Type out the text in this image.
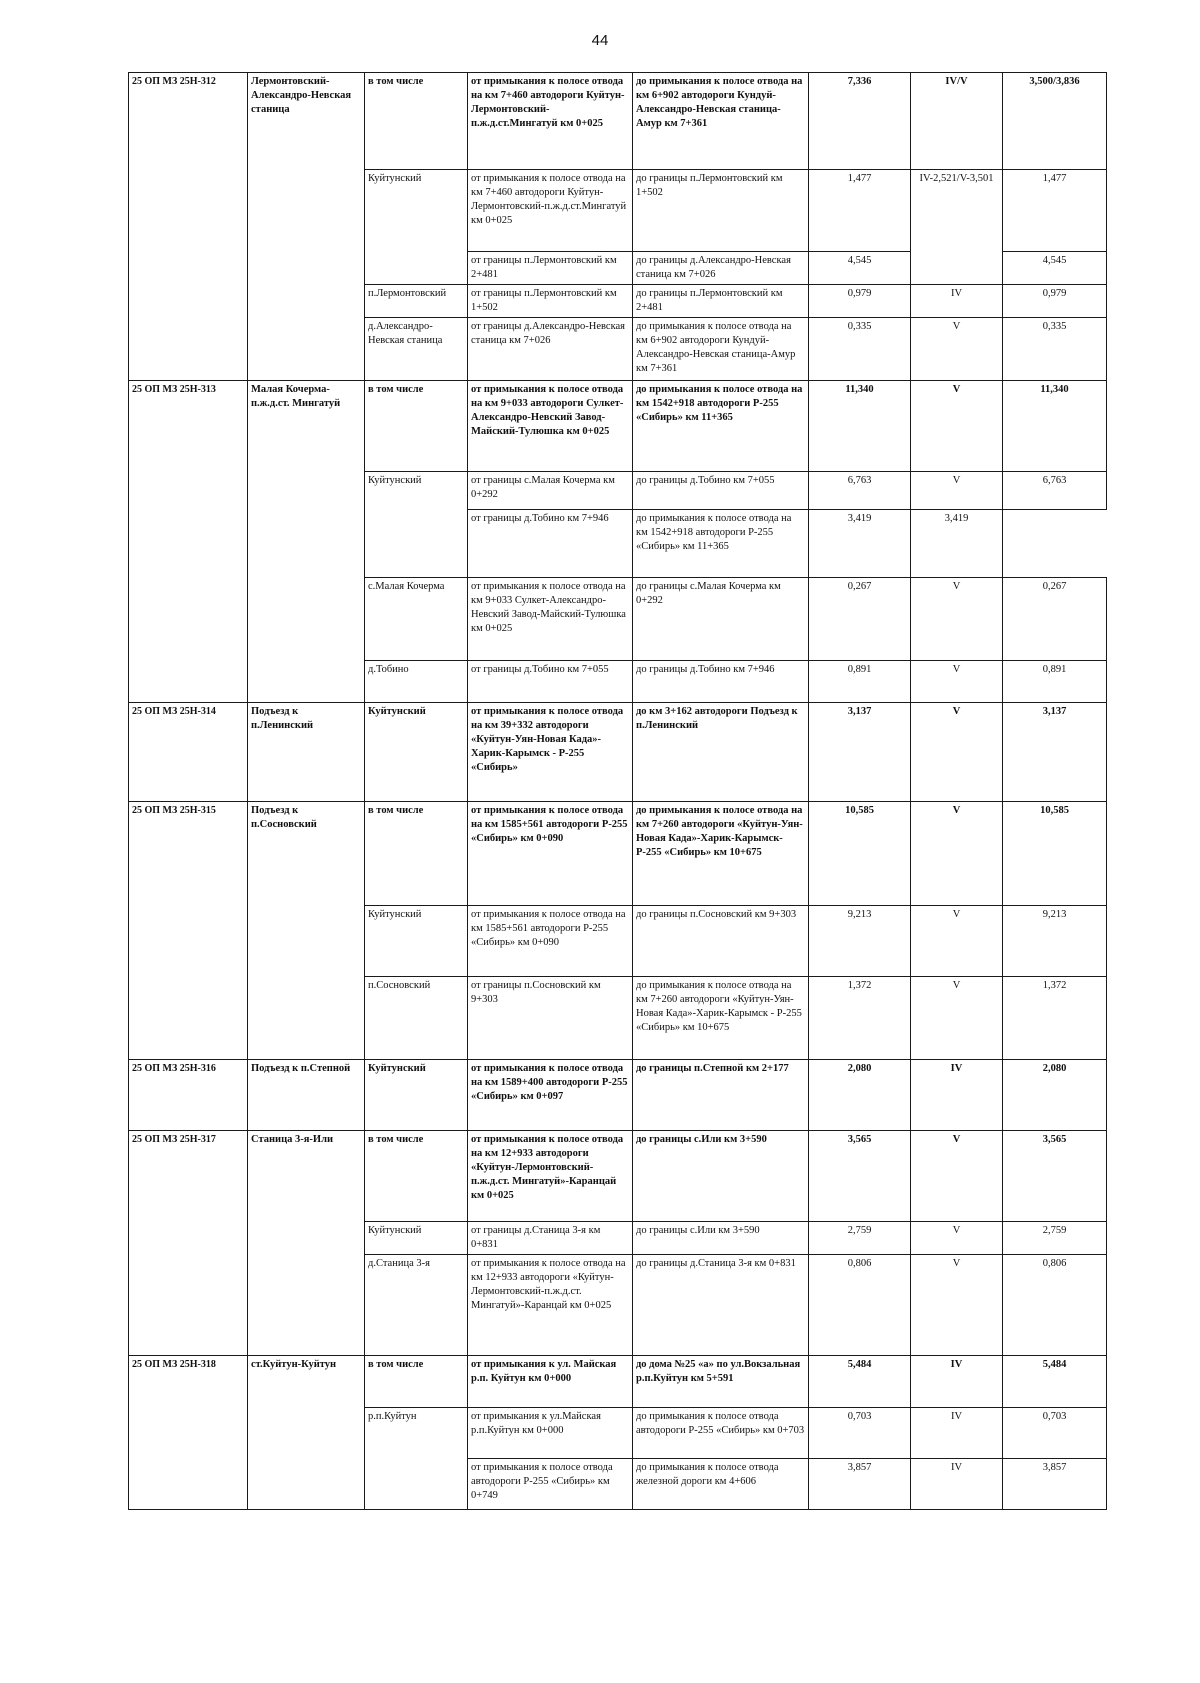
44
25 ОП МЗ 25Н-312	Лермонтовский-Александро-Невская станица	в том числе	от примыкания к полосе отвода на км 7+460 автодороги Куйтун-Лермонтовский-п.ж.д.ст.Мингатуй км 0+025	до примыкания к полосе отвода на км 6+902 автодороги Кундуй-Александро-Невская станица-Амур км 7+361	7,336	IV/V	3,500/3,836
		Куйтунский	от примыкания к полосе отвода на км 7+460 автодороги Куйтун-Лермонтовский-п.ж.д.ст.Мингатуй км 0+025	до границы п.Лермонтовский км 1+502	1,477	IV-2,521/V-3,501	1,477
			от границы п.Лермонтовский км 2+481	до границы д.Александро-Невская станица км 7+026	4,545		4,545
		п.Лермонтовский	от границы п.Лермонтовский км 1+502	до границы п.Лермонтовский км 2+481	0,979	IV	0,979
		д.Александро-Невская станица	от границы д.Александро-Невская станица км 7+026	до примыкания к полосе отвода на км 6+902 автодороги Кундуй-Александро-Невская станица-Амур км 7+361	0,335	V	0,335
25 ОП МЗ 25Н-313	Малая Кочерма-п.ж.д.ст. Мингатуй	в том числе	от примыкания к полосе отвода на км 9+033 автодороги Сулкет-Александро-Невский Завод-Майский-Тулюшка км 0+025	до примыкания к полосе отвода на км 1542+918 автодороги Р-255 «Сибирь» км 11+365	11,340	V	11,340
		Куйтунский	от границы с.Малая Кочерма км 0+292	до границы д.Тобино км 7+055	6,763	V	6,763
			от границы д.Тобино км 7+946	до примыкания к полосе отвода на км 1542+918 автодороги Р-255 «Сибирь» км 11+365	3,419	3,419	
		с.Малая Кочерма	от примыкания к полосе отвода на км 9+033 Сулкет-Александро-Невский Завод-Майский-Тулюшка км 0+025	до границы с.Малая Кочерма км 0+292	0,267	V	0,267
		д.Тобино	от границы д.Тобино км 7+055	до границы д.Тобино км 7+946	0,891	V	0,891
25 ОП МЗ 25Н-314	Подъезд к п.Ленинский	Куйтунский	от примыкания к полосе отвода на км 39+332 автодороги «Куйтун-Уян-Новая Када»-Харик-Карымск - Р-255 «Сибирь»	до км 3+162 автодороги Подъезд к п.Ленинский	3,137	V	3,137
25 ОП МЗ 25Н-315	Подъезд к п.Сосновский	в том числе	от примыкания к полосе отвода на км 1585+561 автодороги Р-255 «Сибирь» км 0+090	до примыкания к полосе отвода на км 7+260 автодороги «Куйтун-Уян-Новая Када»-Харик-Карымск-Р-255 «Сибирь» км 10+675	10,585	V	10,585
		Куйтунский	от примыкания к полосе отвода на км 1585+561 автодороги Р-255 «Сибирь» км 0+090	до границы п.Сосновский км 9+303	9,213	V	9,213
		п.Сосновский	от границы п.Сосновский км 9+303	до примыкания к полосе отвода на км 7+260 автодороги «Куйтун-Уян-Новая Када»-Харик-Карымск - Р-255 «Сибирь» км 10+675	1,372	V	1,372
25 ОП МЗ 25Н-316	Подъезд к п.Степной	Куйтунский	от примыкания к полосе отвода на км 1589+400 автодороги Р-255 «Сибирь» км 0+097	до границы п.Степной км 2+177	2,080	IV	2,080
25 ОП МЗ 25Н-317	Станица 3-я-Или	в том числе	от примыкания к полосе отвода на км 12+933 автодороги «Куйтун-Лермонтовский-п.ж.д.ст. Мингатуй»-Каранцай км 0+025	до границы с.Или км 3+590	3,565	V	3,565
		Куйтунский	от границы д.Станица 3-я км 0+831	до границы с.Или км 3+590	2,759	V	2,759
		д.Станица 3-я	от примыкания к полосе отвода на км 12+933 автодороги «Куйтун-Лермонтовский-п.ж.д.ст. Мингатуй»-Каранцай км 0+025	до границы д.Станица 3-я км 0+831	0,806	V	0,806
25 ОП МЗ 25Н-318	ст.Куйтун-Куйтун	в том числе	от примыкания к ул. Майская р.п. Куйтун км 0+000	до дома №25 «а» по ул.Вокзальная р.п.Куйтун км 5+591	5,484	IV	5,484
		р.п.Куйтун	от примыкания к ул.Майская р.п.Куйтун км 0+000	до примыкания к полосе отвода автодороги Р-255 «Сибирь» км 0+703	0,703	IV	0,703
			от примыкания к полосе отвода автодороги Р-255 «Сибирь» км 0+749	до примыкания к полосе отвода железной дороги км 4+606	3,857	IV	3,857
